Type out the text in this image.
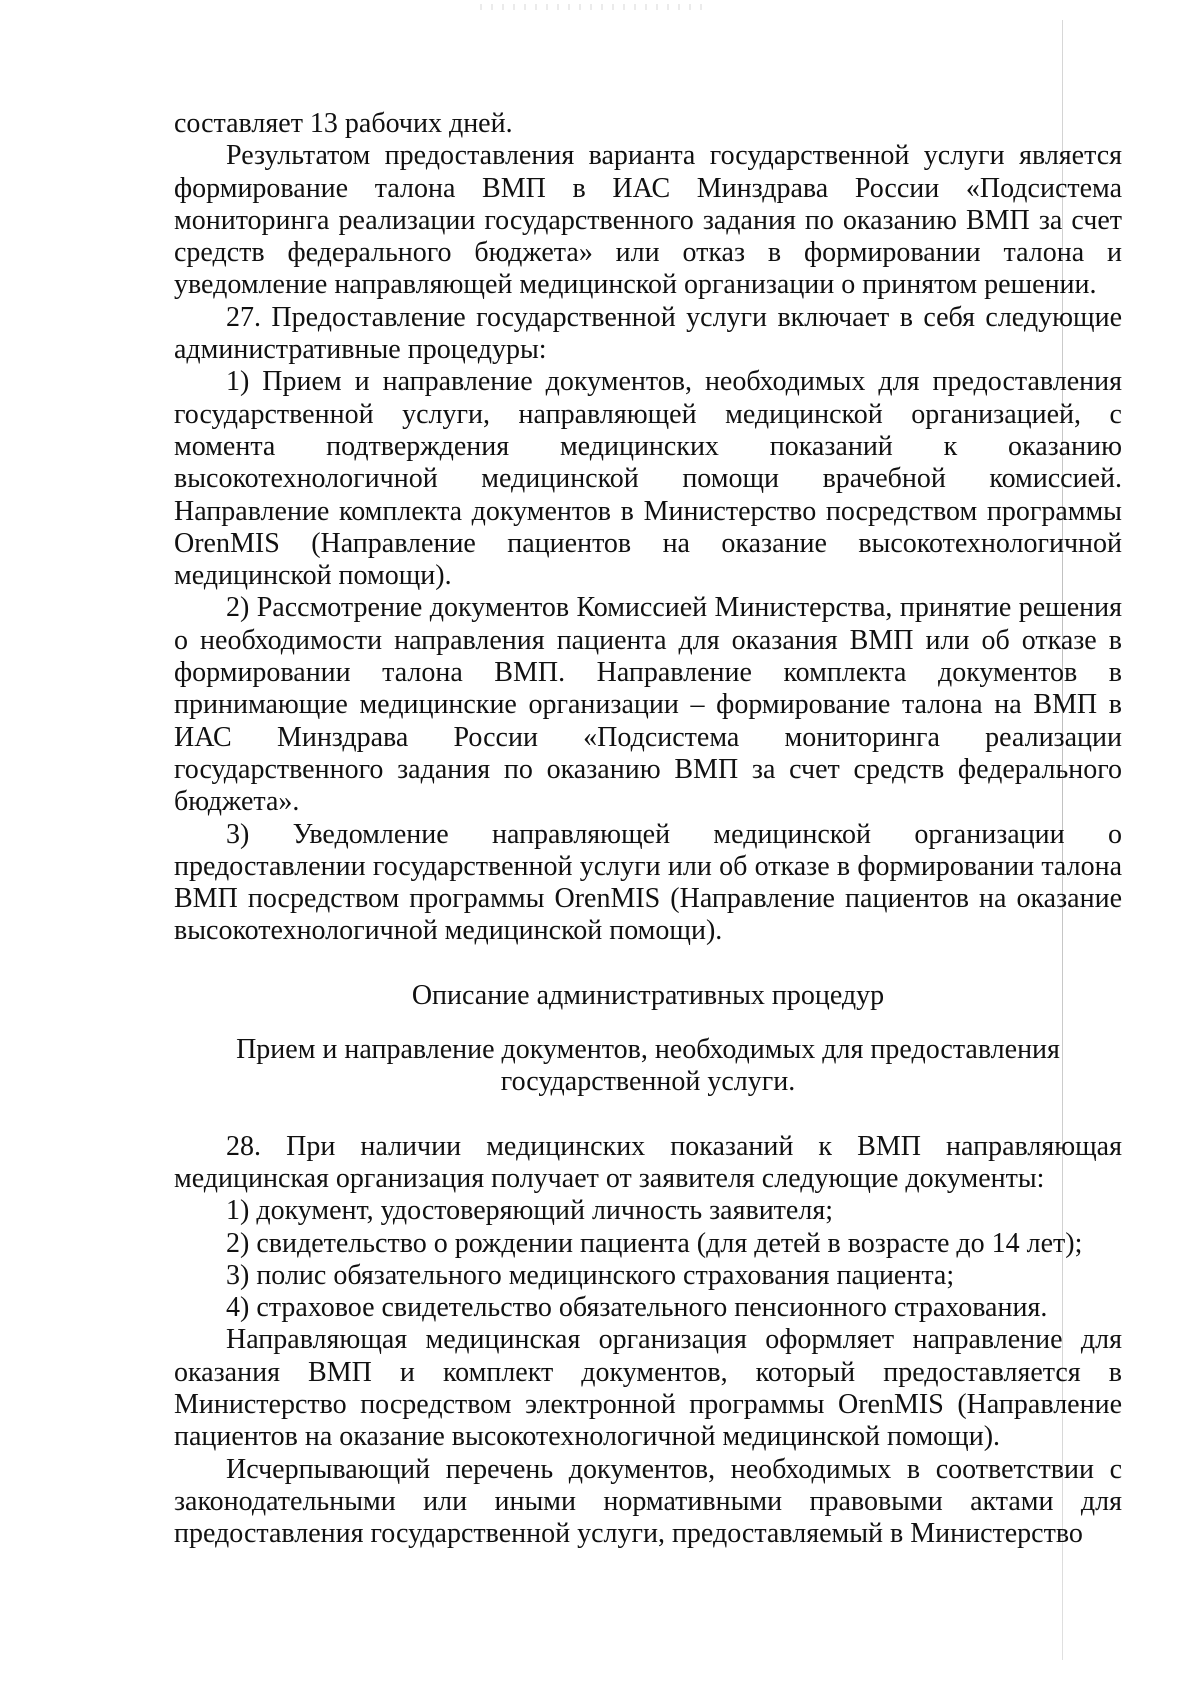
составляет 13 рабочих дней.

Результатом предоставления варианта государственной услуги является формирование талона ВМП в ИАС Минздрава России «Подсистема мониторинга реализации государственного задания по оказанию ВМП за счет средств федерального бюджета» или отказ в формировании талона и уведомление направляющей медицинской организации о принятом решении.

27. Предоставление государственной услуги включает в себя следующие административные процедуры:

1) Прием и направление документов, необходимых для предоставления государственной услуги, направляющей медицинской организацией, с момента подтверждения медицинских показаний к оказанию высокотехнологичной медицинской помощи врачебной комиссией. Направление комплекта документов в Министерство посредством программы OrenMIS (Направление пациентов на оказание высокотехнологичной медицинской помощи).

2) Рассмотрение документов Комиссией Министерства, принятие решения о необходимости направления пациента для оказания ВМП или об отказе в формировании талона ВМП. Направление комплекта документов в принимающие медицинские организации – формирование талона на ВМП в ИАС Минздрава России «Подсистема мониторинга реализации государственного задания по оказанию ВМП за счет средств федерального бюджета».

3) Уведомление направляющей медицинской организации о предоставлении государственной услуги или об отказе в формировании талона ВМП посредством программы OrenMIS (Направление пациентов на оказание высокотехнологичной медицинской помощи).

Описание административных процедур

Прием и направление документов, необходимых для предоставления государственной услуги.

28. При наличии медицинских показаний к ВМП направляющая медицинская организация получает от заявителя следующие документы:

1) документ, удостоверяющий личность заявителя;

2) свидетельство о рождении пациента (для детей в возрасте до 14 лет);

3) полис обязательного медицинского страхования пациента;

4) страховое свидетельство обязательного пенсионного страхования.

Направляющая медицинская организация оформляет направление для оказания ВМП и комплект документов, который предоставляется в Министерство посредством электронной программы OrenMIS (Направление пациентов на оказание высокотехнологичной медицинской помощи).

Исчерпывающий перечень документов, необходимых в соответствии с законодательными или иными нормативными правовыми актами для предоставления государственной услуги, предоставляемый в Министерство
